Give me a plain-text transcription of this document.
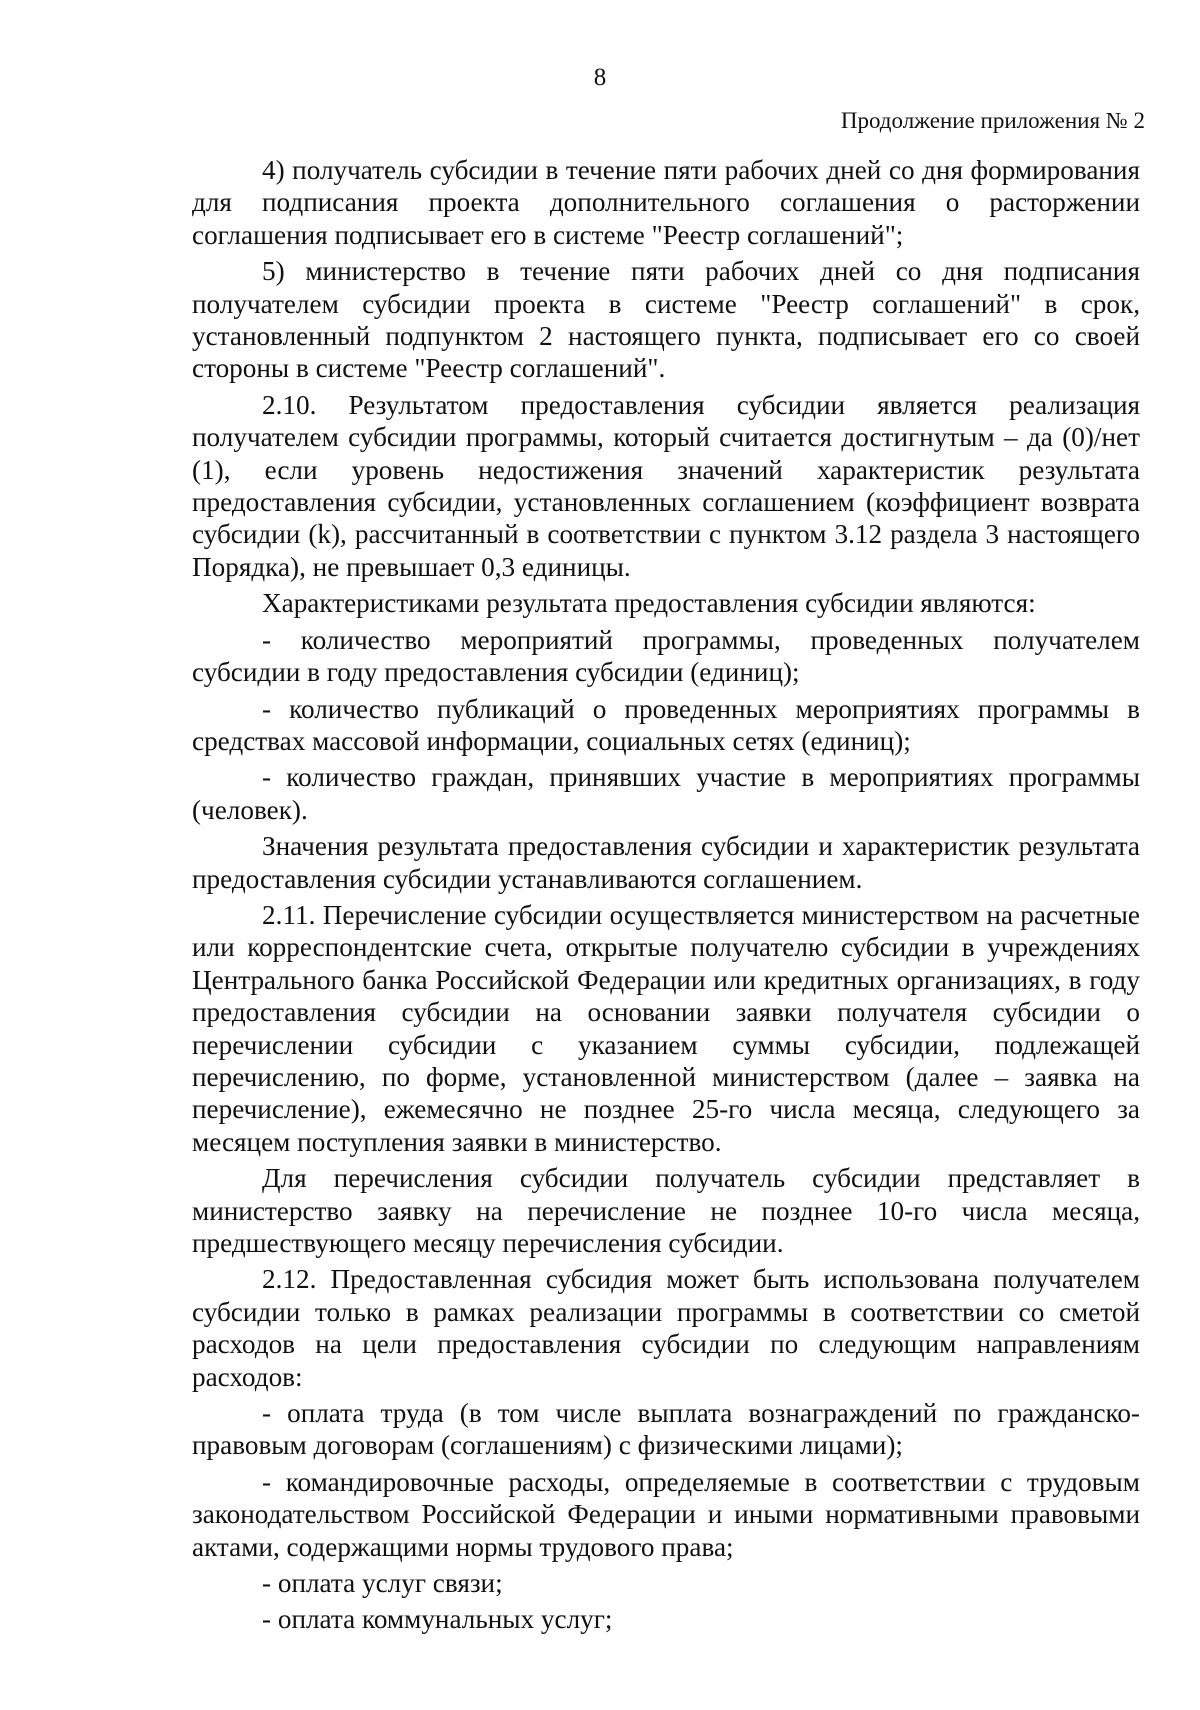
8
Продолжение приложения № 2

4) получатель субсидии в течение пяти рабочих дней со дня формирования для подписания проекта дополнительного соглашения о расторжении соглашения подписывает его в системе "Реестр соглашений";

5) министерство в течение пяти рабочих дней со дня подписания получателем субсидии проекта в системе "Реестр соглашений" в срок, установленный подпунктом 2 настоящего пункта, подписывает его со своей стороны в системе "Реестр соглашений".

2.10. Результатом предоставления субсидии является реализация получателем субсидии программы, который считается достигнутым – да (0)/нет (1), если уровень недостижения значений характеристик результата предоставления субсидии, установленных соглашением (коэффициент возврата субсидии (k), рассчитанный в соответствии с пунктом 3.12 раздела 3 настоящего Порядка), не превышает 0,3 единицы.

Характеристиками результата предоставления субсидии являются:

- количество мероприятий программы, проведенных получателем субсидии в году предоставления субсидии (единиц);

- количество публикаций о проведенных мероприятиях программы в средствах массовой информации, социальных сетях (единиц);

- количество граждан, принявших участие в мероприятиях программы (человек).

Значения результата предоставления субсидии и характеристик результата предоставления субсидии устанавливаются соглашением.

2.11. Перечисление субсидии осуществляется министерством на расчетные или корреспондентские счета, открытые получателю субсидии в учреждениях Центрального банка Российской Федерации или кредитных организациях, в году предоставления субсидии на основании заявки получателя субсидии о перечислении субсидии с указанием суммы субсидии, подлежащей перечислению, по форме, установленной министерством (далее – заявка на перечисление), ежемесячно не позднее 25-го числа месяца, следующего за месяцем поступления заявки в министерство.

Для перечисления субсидии получатель субсидии представляет в министерство заявку на перечисление не позднее 10-го числа месяца, предшествующего месяцу перечисления субсидии.

2.12. Предоставленная субсидия может быть использована получателем субсидии только в рамках реализации программы в соответствии со сметой расходов на цели предоставления субсидии по следующим направлениям расходов:

- оплата труда (в том числе выплата вознаграждений по гражданско-правовым договорам (соглашениям) с физическими лицами);

- командировочные расходы, определяемые в соответствии с трудовым законодательством Российской Федерации и иными нормативными правовыми актами, содержащими нормы трудового права;

- оплата услуг связи;

- оплата коммунальных услуг;
